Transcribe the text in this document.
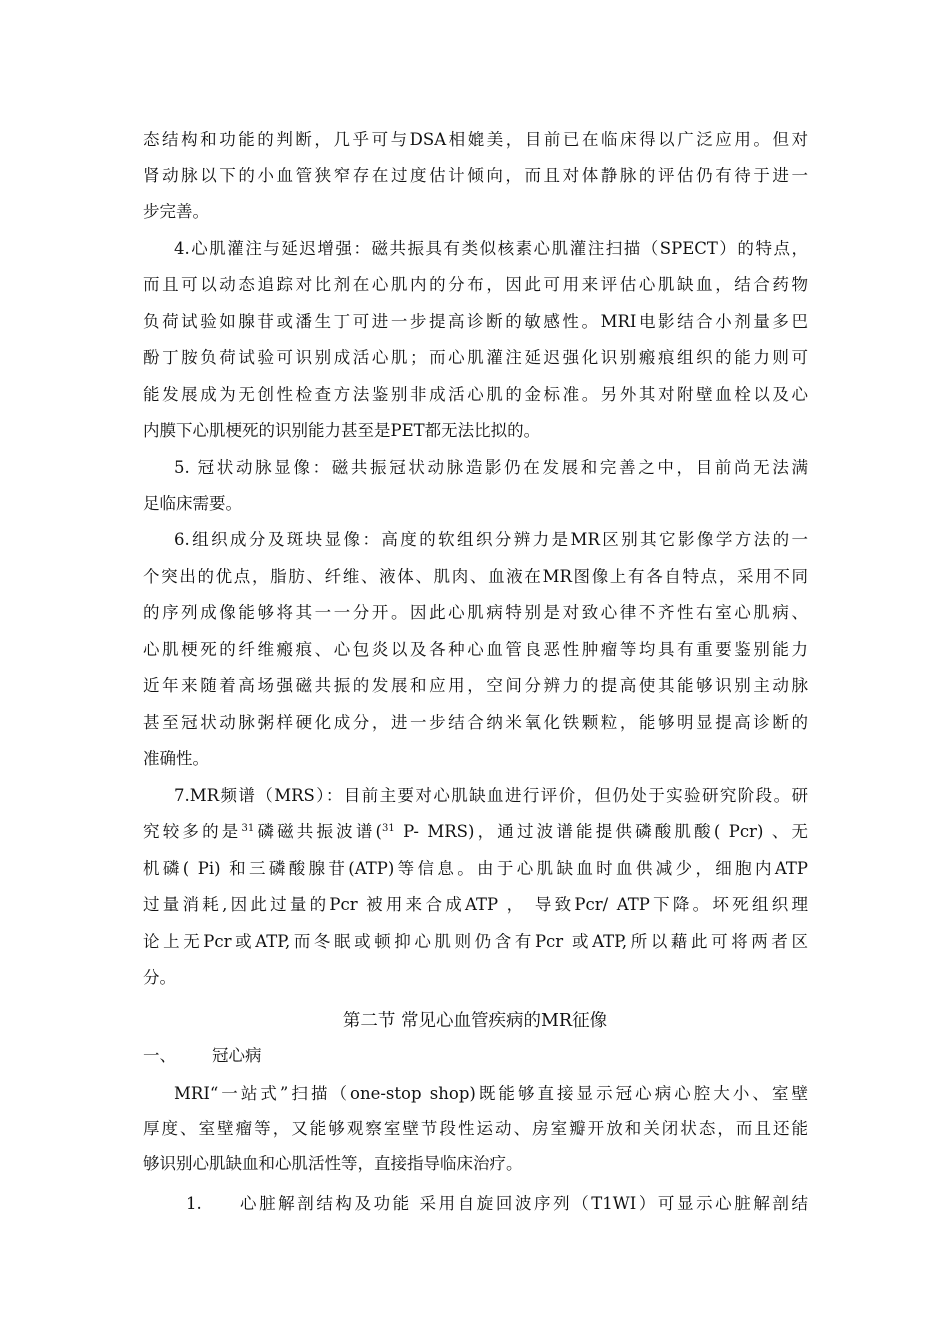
态结构和功能的判断，几乎可与DSA相媲美，目前已在临床得以广泛应用。但对
肾动脉以下的小血管狭窄存在过度估计倾向，而且对体静脉的评估仍有待于进一
步完善。
4.心肌灌注与延迟增强：磁共振具有类似核素心肌灌注扫描（SPECT）的特点，
而且可以动态追踪对比剂在心肌内的分布，因此可用来评估心肌缺血，结合药物
负荷试验如腺苷或潘生丁可进一步提高诊断的敏感性。MRI电影结合小剂量多巴
酚丁胺负荷试验可识别成活心肌；而心肌灌注延迟强化识别瘢痕组织的能力则可
能发展成为无创性检查方法鉴别非成活心肌的金标准。另外其对附壁血栓以及心
内膜下心肌梗死的识别能力甚至是PET都无法比拟的。
5. 冠状动脉显像：磁共振冠状动脉造影仍在发展和完善之中，目前尚无法满
足临床需要。
6.组织成分及斑块显像：高度的软组织分辨力是MR区别其它影像学方法的一
个突出的优点，脂肪、纤维、液体、肌肉、血液在MR图像上有各自特点，采用不同
的序列成像能够将其一一分开。因此心肌病特别是对致心律不齐性右室心肌病、
心肌梗死的纤维瘢痕、心包炎以及各种心血管良恶性肿瘤等均具有重要鉴别能力
近年来随着高场强磁共振的发展和应用，空间分辨力的提高使其能够识别主动脉
甚至冠状动脉粥样硬化成分，进一步结合纳米氧化铁颗粒，能够明显提高诊断的
准确性。
7.MR频谱（MRS）：目前主要对心肌缺血进行评价，但仍处于实验研究阶段。研
究较多的是$^{31}$磷磁共振波谱($^{31}$ P- MRS)，通过波谱能提供磷酸肌酸( Pcr) 、无
机磷( Pi) 和三磷酸腺苷(ATP)等信息。由于心肌缺血时血供减少，细胞内ATP
过量消耗,因此过量的Pcr 被用来合成ATP ， 导致Pcr/ ATP下降。坏死组织理
论上无Pcr或ATP,而冬眠或顿抑心肌则仍含有Pcr 或ATP,所以藉此可将两者区
分。
第二节 常见心血管疾病的MR征像
一、 冠心病
MRI“一站式”扫描（one-stop shop)既能够直接显示冠心病心腔大小、室壁
厚度、室壁瘤等，又能够观察室壁节段性运动、房室瓣开放和关闭状态，而且还能
够识别心肌缺血和心肌活性等，直接指导临床治疗。
1. 心脏解剖结构及功能 采用自旋回波序列（T1WI）可显示心脏解剖结
